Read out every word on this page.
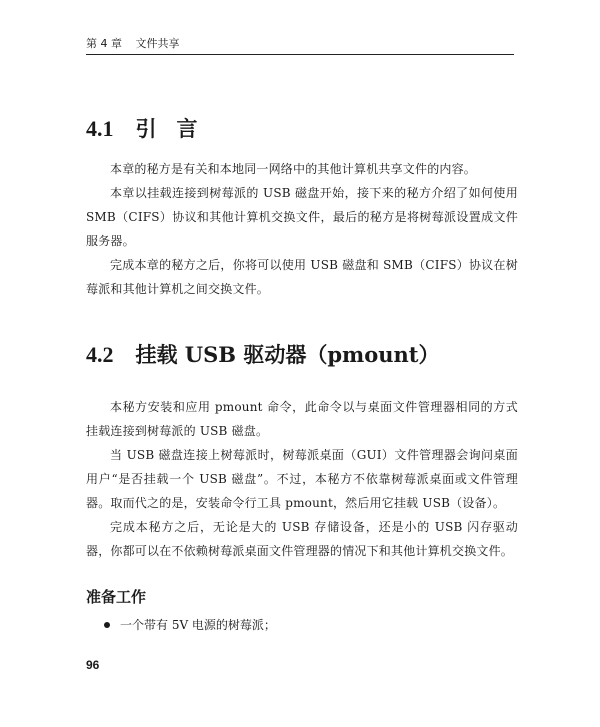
第 4 章 文件共享
4.1 引言

本章的秘方是有关和本地同一网络中的其他计算机共享文件的内容。

本章以挂载连接到树莓派的 USB 磁盘开始，接下来的秘方介绍了如何使用 SMB（CIFS）协议和其他计算机交换文件，最后的秘方是将树莓派设置成文件服务器。

完成本章的秘方之后，你将可以使用 USB 磁盘和 SMB（CIFS）协议在树莓派和其他计算机之间交换文件。

4.2 挂载 USB 驱动器（pmount）

本秘方安装和应用 pmount 命令，此命令以与桌面文件管理器相同的方式挂载连接到树莓派的 USB 磁盘。

当 USB 磁盘连接上树莓派时，树莓派桌面（GUI）文件管理器会询问桌面用户“是否挂载一个 USB 磁盘”。不过，本秘方不依靠树莓派桌面或文件管理器。取而代之的是，安装命令行工具 pmount，然后用它挂载 USB（设备）。

完成本秘方之后，无论是大的 USB 存储设备，还是小的 USB 闪存驱动器，你都可以在不依赖树莓派桌面文件管理器的情况下和其他计算机交换文件。

准备工作
一个带有 5V 电源的树莓派；
96
